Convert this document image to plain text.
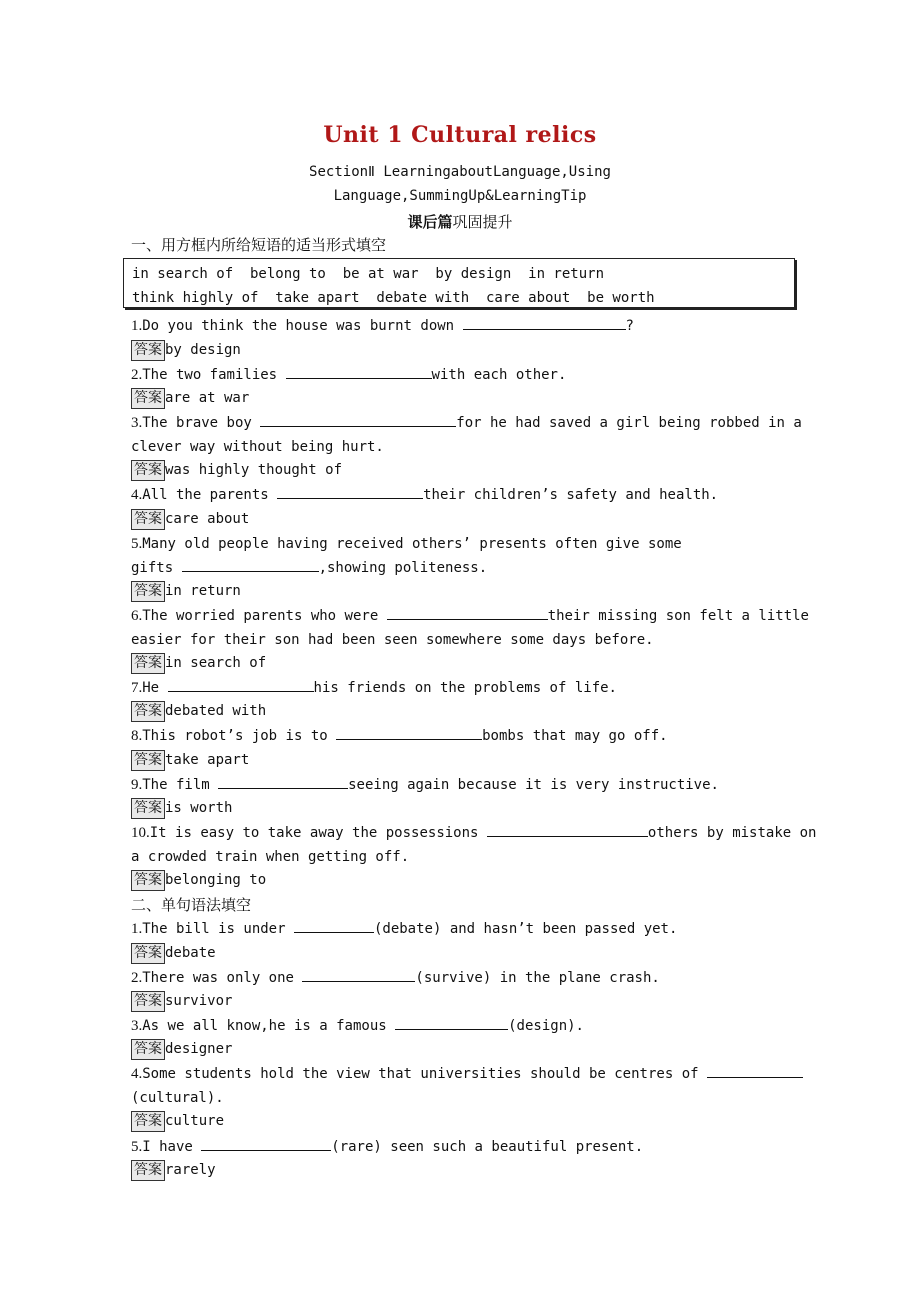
Unit 1 Cultural relics
SectionⅡ LearningaboutLanguage,Using
Language,SummingUp&LearningTip
课后篇巩固提升
一、用方框内所给短语的适当形式填空
in search of  belong to  be at war  by design  in return
think highly of  take apart  debate with  care about  be worth
1.Do you think the house was burnt down	?
答案 by design
2.The two families	with each other.
答案 are at war
3.The brave boy	for he had saved a girl being robbed in a
clever way without being hurt.
答案 was highly thought of
4.All the parents	their children’s safety and health.
答案 care about
5.Many old people having received others’ presents often give some
gifts	,showing politeness.
答案 in return
6.The worried parents who were	their missing son felt a little
easier for their son had been seen somewhere some days before.
答案 in search of
7.He	his friends on the problems of life.
答案 debated with
8.This robot’s job is to	bombs that may go off.
答案 take apart
9.The film	seeing again because it is very instructive.
答案 is worth
10.It is easy to take away the possessions	others by mistake on
a crowded train when getting off.
答案 belonging to
二、单句语法填空
1.The bill is under	(debate) and hasn’t been passed yet.
答案 debate
2.There was only one	(survive) in the plane crash.
答案 survivor
3.As we all know,he is a famous	(design).
答案 designer
4.Some students hold the view that universities should be centres of
(cultural).
答案 culture
5.I have	(rare) seen such a beautiful present.
答案 rarely
